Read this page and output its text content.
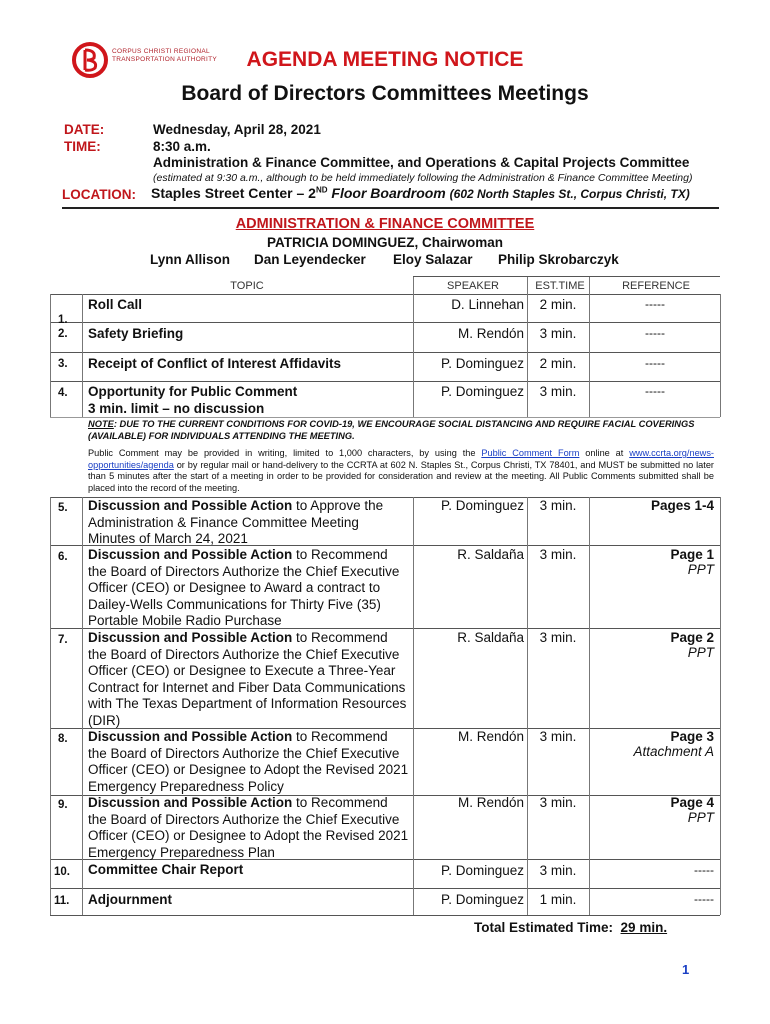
CORPUS CHRISTI REGIONAL
TRANSPORTATION AUTHORITY	AGENDA MEETING NOTICE
Board of Directors Committees Meetings
DATE:
TIME:
Wednesday, April 28, 2021
8:30 a.m.
Administration & Finance Committee, and Operations & Capital Projects Committee
(estimated at 9:30 a.m., although to be held immediately following the Administration & Finance Committee Meeting)
LOCATION: Staples Street Center – 2ND Floor Boardroom (602 North Staples St., Corpus Christi, TX)
ADMINISTRATION & FINANCE COMMITTEE
PATRICIA DOMINGUEZ, Chairwoman
Lynn Allison Dan Leyendecker Eloy Salazar Philip Skrobarczyk
TOPIC	SPEAKER	EST.TIME	REFERENCE
1.
Roll Call	D. Linnehan	2 min.	-----
2. Safety Briefing	M. Rendón	3 min.	-----
3. Receipt of Conflict of Interest Affidavits	P. Dominguez	2 min.	-----
4. Opportunity for Public Comment
3 min. limit – no discussion
P. Dominguez	3 min.	-----
NOTE: DUE TO THE CURRENT CONDITIONS FOR COVID-19, WE ENCOURAGE SOCIAL DISTANCING AND REQUIRE FACIAL COVERINGS (AVAILABLE) FOR INDIVIDUALS ATTENDING THE MEETING.
Public Comment may be provided in writing, limited to 1,000 characters, by using the Public Comment Form online at www.ccrta.org/news-opportunities/agenda or by regular mail or hand-delivery to the CCRTA at 602 N. Staples St., Corpus Christi, TX 78401, and MUST be submitted no later than 5 minutes after the start of a meeting in order to be provided for consideration and review at the meeting. All Public Comments submitted shall be placed into the record of the meeting.
5. Discussion and Possible Action to Approve the Administration & Finance Committee Meeting Minutes of March 24, 2021
P. Dominguez	3 min.	Pages 1-4
6. Discussion and Possible Action to Recommend the Board of Directors Authorize the Chief Executive Officer (CEO) or Designee to Award a contract to Dailey-Wells Communications for Thirty Five (35) Portable Mobile Radio Purchase
R. Saldaña	3 min.	Page 1
PPT
7. Discussion and Possible Action to Recommend the Board of Directors Authorize the Chief Executive Officer (CEO) or Designee to Execute a Three-Year Contract for Internet and Fiber Data Communications with The Texas Department of Information Resources (DIR)
R. Saldaña	3 min.	Page 2
PPT
8. Discussion and Possible Action to Recommend the Board of Directors Authorize the Chief Executive Officer (CEO) or Designee to Adopt the Revised 2021 Emergency Preparedness Policy
M. Rendón	3 min.	Page 3
Attachment A
9. Discussion and Possible Action to Recommend the Board of Directors Authorize the Chief Executive Officer (CEO) or Designee to Adopt the Revised 2021 Emergency Preparedness Plan
M. Rendón	3 min.	Page 4
PPT
10. Committee Chair Report	P. Dominguez	3 min.	-----
11. Adjournment	P. Dominguez	1 min.	-----
Total Estimated Time: 29 min.
1
